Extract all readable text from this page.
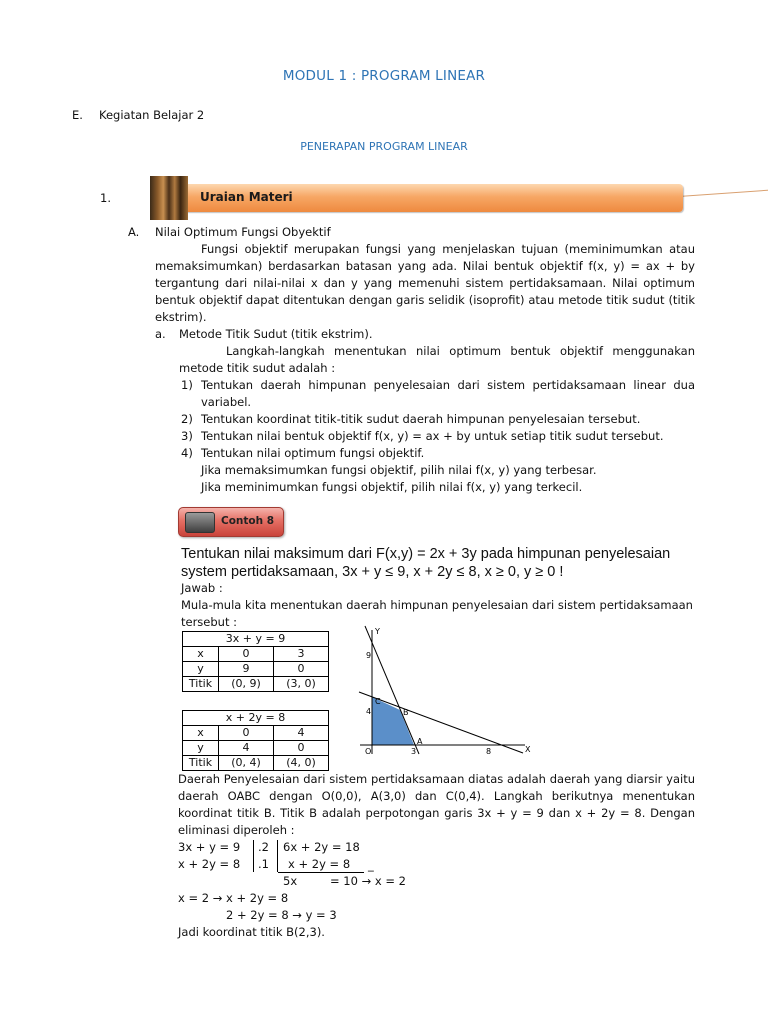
MODUL 1 : PROGRAM LINEAR
E. Kegiatan Belajar 2
PENERAPAN PROGRAM LINEAR
1.	Uraian Materi
A. Nilai Optimum Fungsi Obyektif
Fungsi objektif merupakan fungsi yang menjelaskan tujuan (meminimumkan atau
memaksimumkan) berdasarkan batasan yang ada. Nilai bentuk objektif f(x, y) = ax + by
tergantung dari nilai-nilai x dan y yang memenuhi sistem pertidaksamaan. Nilai optimum
bentuk objektif dapat ditentukan dengan garis selidik (isoprofit) atau metode titik sudut (titik
ekstrim).
a. Metode Titik Sudut (titik ekstrim).
Langkah-langkah menentukan nilai optimum bentuk objektif menggunakan
metode titik sudut adalah :
1) Tentukan daerah himpunan penyelesaian dari sistem pertidaksamaan linear dua
variabel.
2) Tentukan koordinat titik-titik sudut daerah himpunan penyelesaian tersebut.
3) Tentukan nilai bentuk objektif f(x, y) = ax + by untuk setiap titik sudut tersebut.
4) Tentukan nilai optimum fungsi objektif.
Jika memaksimumkan fungsi objektif, pilih nilai f(x, y) yang terbesar.
Jika meminimumkan fungsi objektif, pilih nilai f(x, y) yang terkecil.
Contoh 8
Tentukan nilai maksimum dari F(x,y) = 2x + 3y pada himpunan penyelesaian
system pertidaksamaan, 3x + y ≤ 9, x + 2y ≤ 8, x ≥ 0, y ≥ 0 !
Jawab :
Mula-mula kita menentukan daerah himpunan penyelesaian dari sistem pertidaksamaan
tersebut :
3x + y = 9		
x	0	3
y	9	0
Titik	(0, 9)	(3, 0)
x + 2y = 8		
x	0	4
y	4	0
Titik	(0, 4)	(4, 0)
Y
X
O
9
4
3	8
A
B
C
Daerah Penyelesaian dari sistem pertidaksamaan diatas adalah daerah yang diarsir yaitu
daerah OABC dengan O(0,0), A(3,0) dan C(0,4). Langkah berikutnya menentukan
koordinat titik B. Titik B adalah perpotongan garis 3x + y = 9 dan x + 2y = 8. Dengan
eliminasi diperoleh :
3x + y = 9
x + 2y = 8
.2
.1
6x + 2y = 18
x + 2y = 8 _
5x	= 10 → x = 2
x = 2 → x + 2y = 8
2 + 2y = 8 → y = 3
Jadi koordinat titik B(2,3).
